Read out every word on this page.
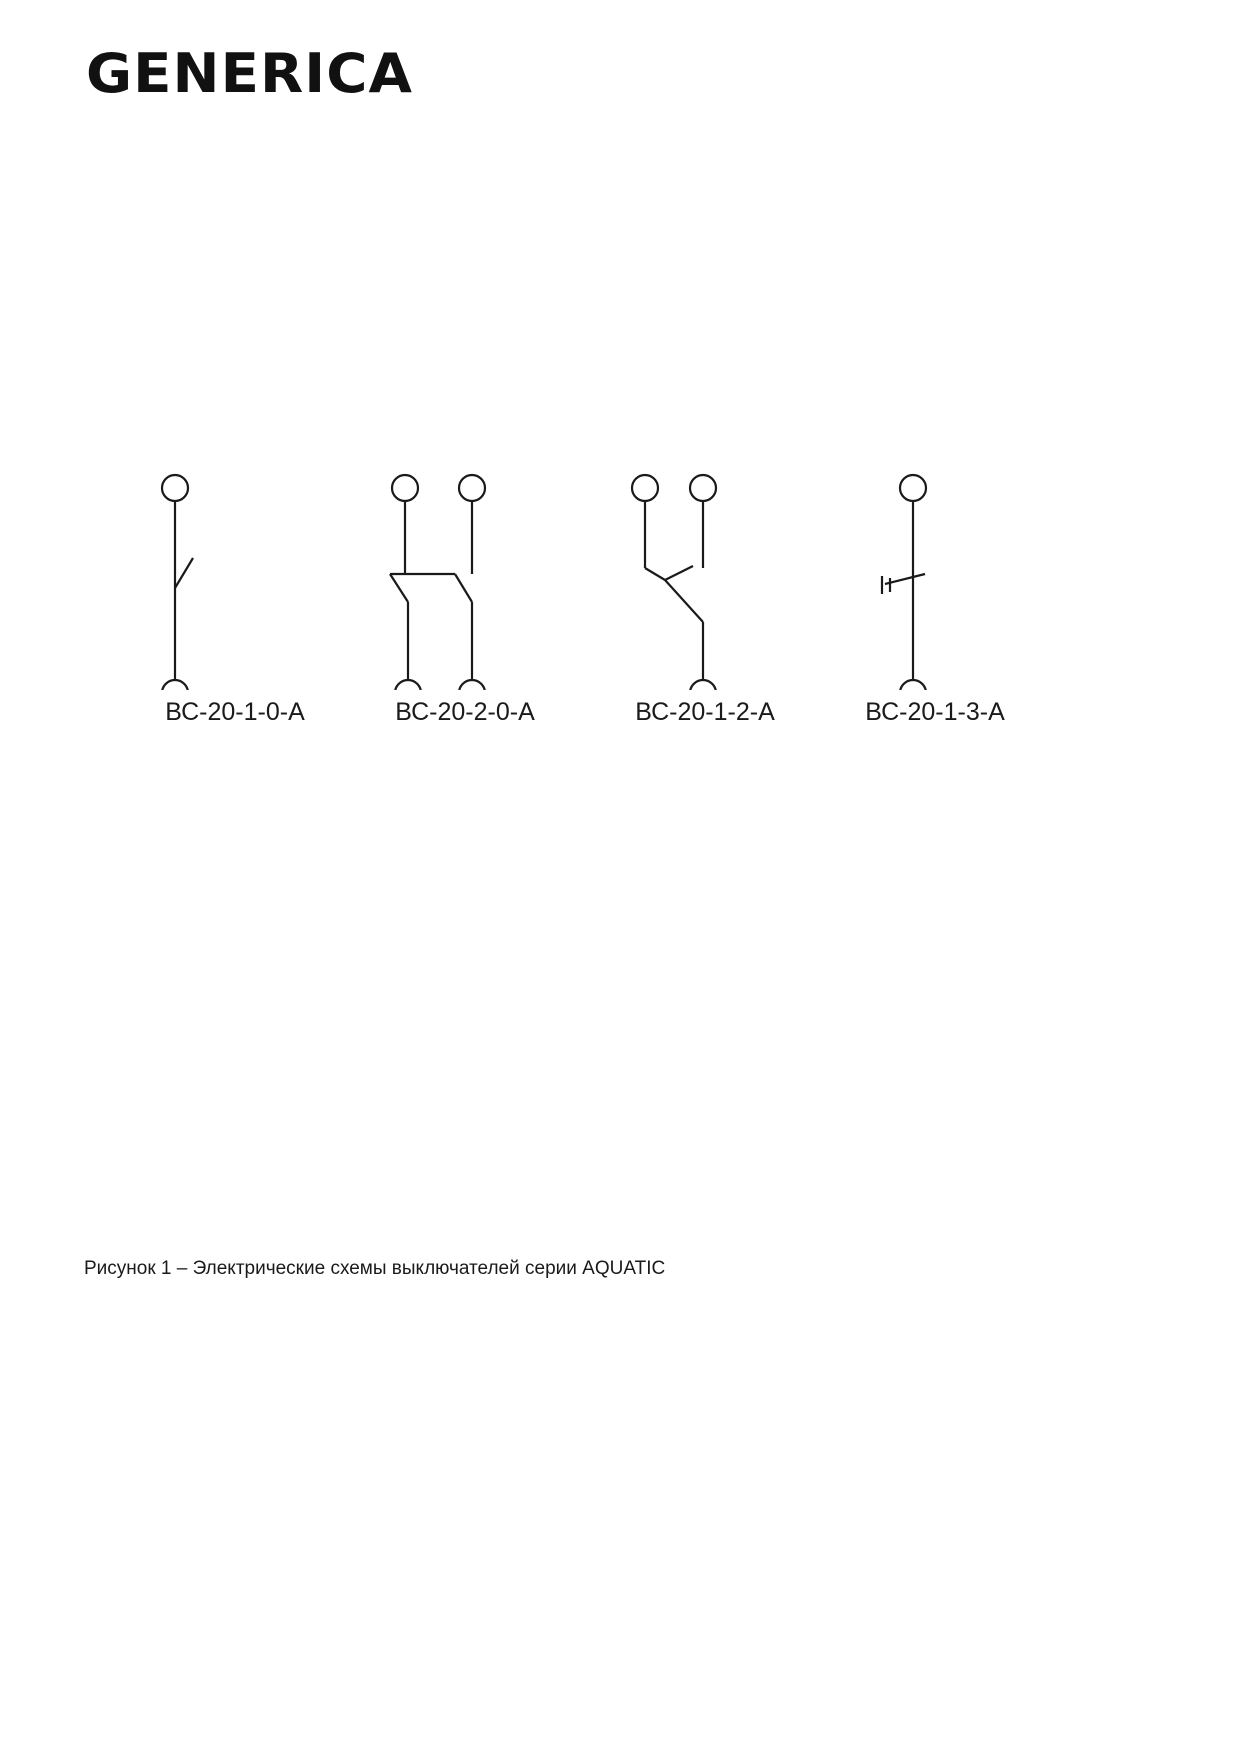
GENERICA
ВС-20-1-0-А	ВС-20-2-0-А	ВС-20-1-2-А	ВС-20-1-3-А
Рисунок 1 – Электрические схемы выключателей серии AQUATIC
